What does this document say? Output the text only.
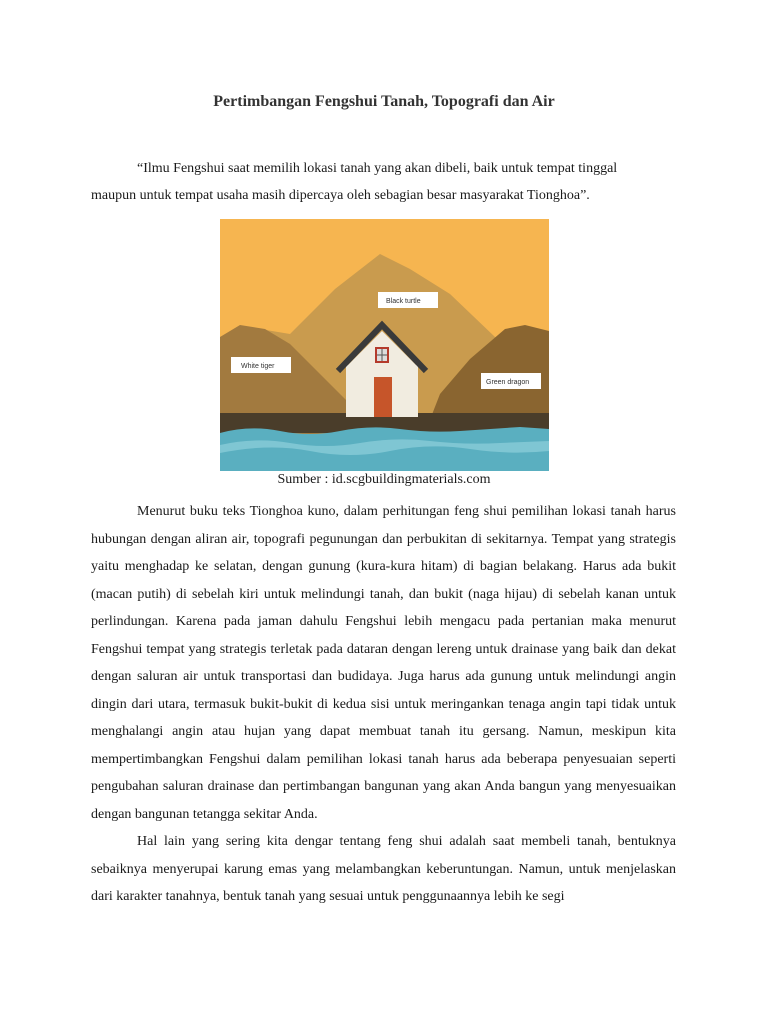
Pertimbangan Fengshui Tanah, Topografi dan Air

“Ilmu Fengshui saat memilih lokasi tanah yang akan dibeli, baik untuk tempat tinggal
maupun untuk tempat usaha masih dipercaya oleh sebagian besar masyarakat Tionghoa”.

Black turtle
White tiger
Green dragon
Sumber : id.scgbuildingmaterials.com

Menurut buku teks Tionghoa kuno, dalam perhitungan feng shui pemilihan lokasi tanah harus hubungan dengan aliran air, topografi pegunungan dan perbukitan di sekitarnya. Tempat yang strategis yaitu menghadap ke selatan, dengan gunung (kura-kura hitam) di bagian belakang. Harus ada bukit (macan putih) di sebelah kiri untuk melindungi tanah, dan bukit (naga hijau) di sebelah kanan untuk perlindungan. Karena pada jaman dahulu Fengshui lebih mengacu pada pertanian maka menurut Fengshui tempat yang strategis terletak pada dataran dengan lereng untuk drainase yang baik dan dekat dengan saluran air untuk transportasi dan budidaya. Juga harus ada gunung untuk melindungi angin dingin dari utara, termasuk bukit-bukit di kedua sisi untuk meringankan tenaga angin tapi tidak untuk menghalangi angin atau hujan yang dapat membuat tanah itu gersang. Namun, meskipun kita mempertimbangkan Fengshui dalam pemilihan lokasi tanah harus ada beberapa penyesuaian seperti pengubahan saluran drainase dan pertimbangan bangunan yang akan Anda bangun yang menyesuaikan dengan bangunan tetangga sekitar Anda.

Hal lain yang sering kita dengar tentang feng shui adalah saat membeli tanah, bentuknya sebaiknya menyerupai karung emas yang melambangkan keberuntungan. Namun, untuk menjelaskan dari karakter tanahnya, bentuk tanah yang sesuai untuk penggunaannya lebih ke segi
